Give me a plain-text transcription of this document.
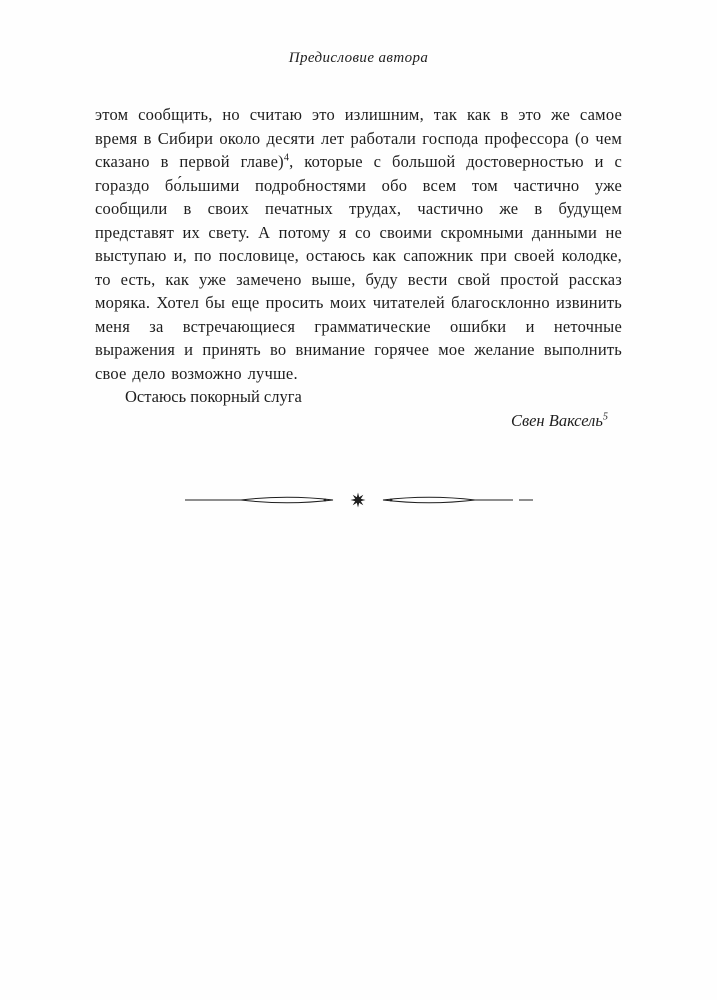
Предисловие автора

этом сообщить, но считаю это излишним, так как в это же самое время в Сибири около десяти лет работали господа профессора (о чем сказано в первой главе)$^4$, которые с большой достоверностью и с гораздо бо́льшими подробностями обо всем том частично уже сообщили в своих печатных трудах, частично же в будущем представят их свету. А потому я со своими скромными данными не выступаю и, по пословице, остаюсь как сапожник при своей колодке, то есть, как уже замечено выше, буду вести свой простой рассказ моряка. Хотел бы еще просить моих читателей благосклонно извинить меня за встречающиеся грамматические ошибки и неточные выражения и принять во внимание горячее мое желание выполнить свое дело возможно лучше.

Остаюсь покорный слуга

Свен Ваксель$^5$
